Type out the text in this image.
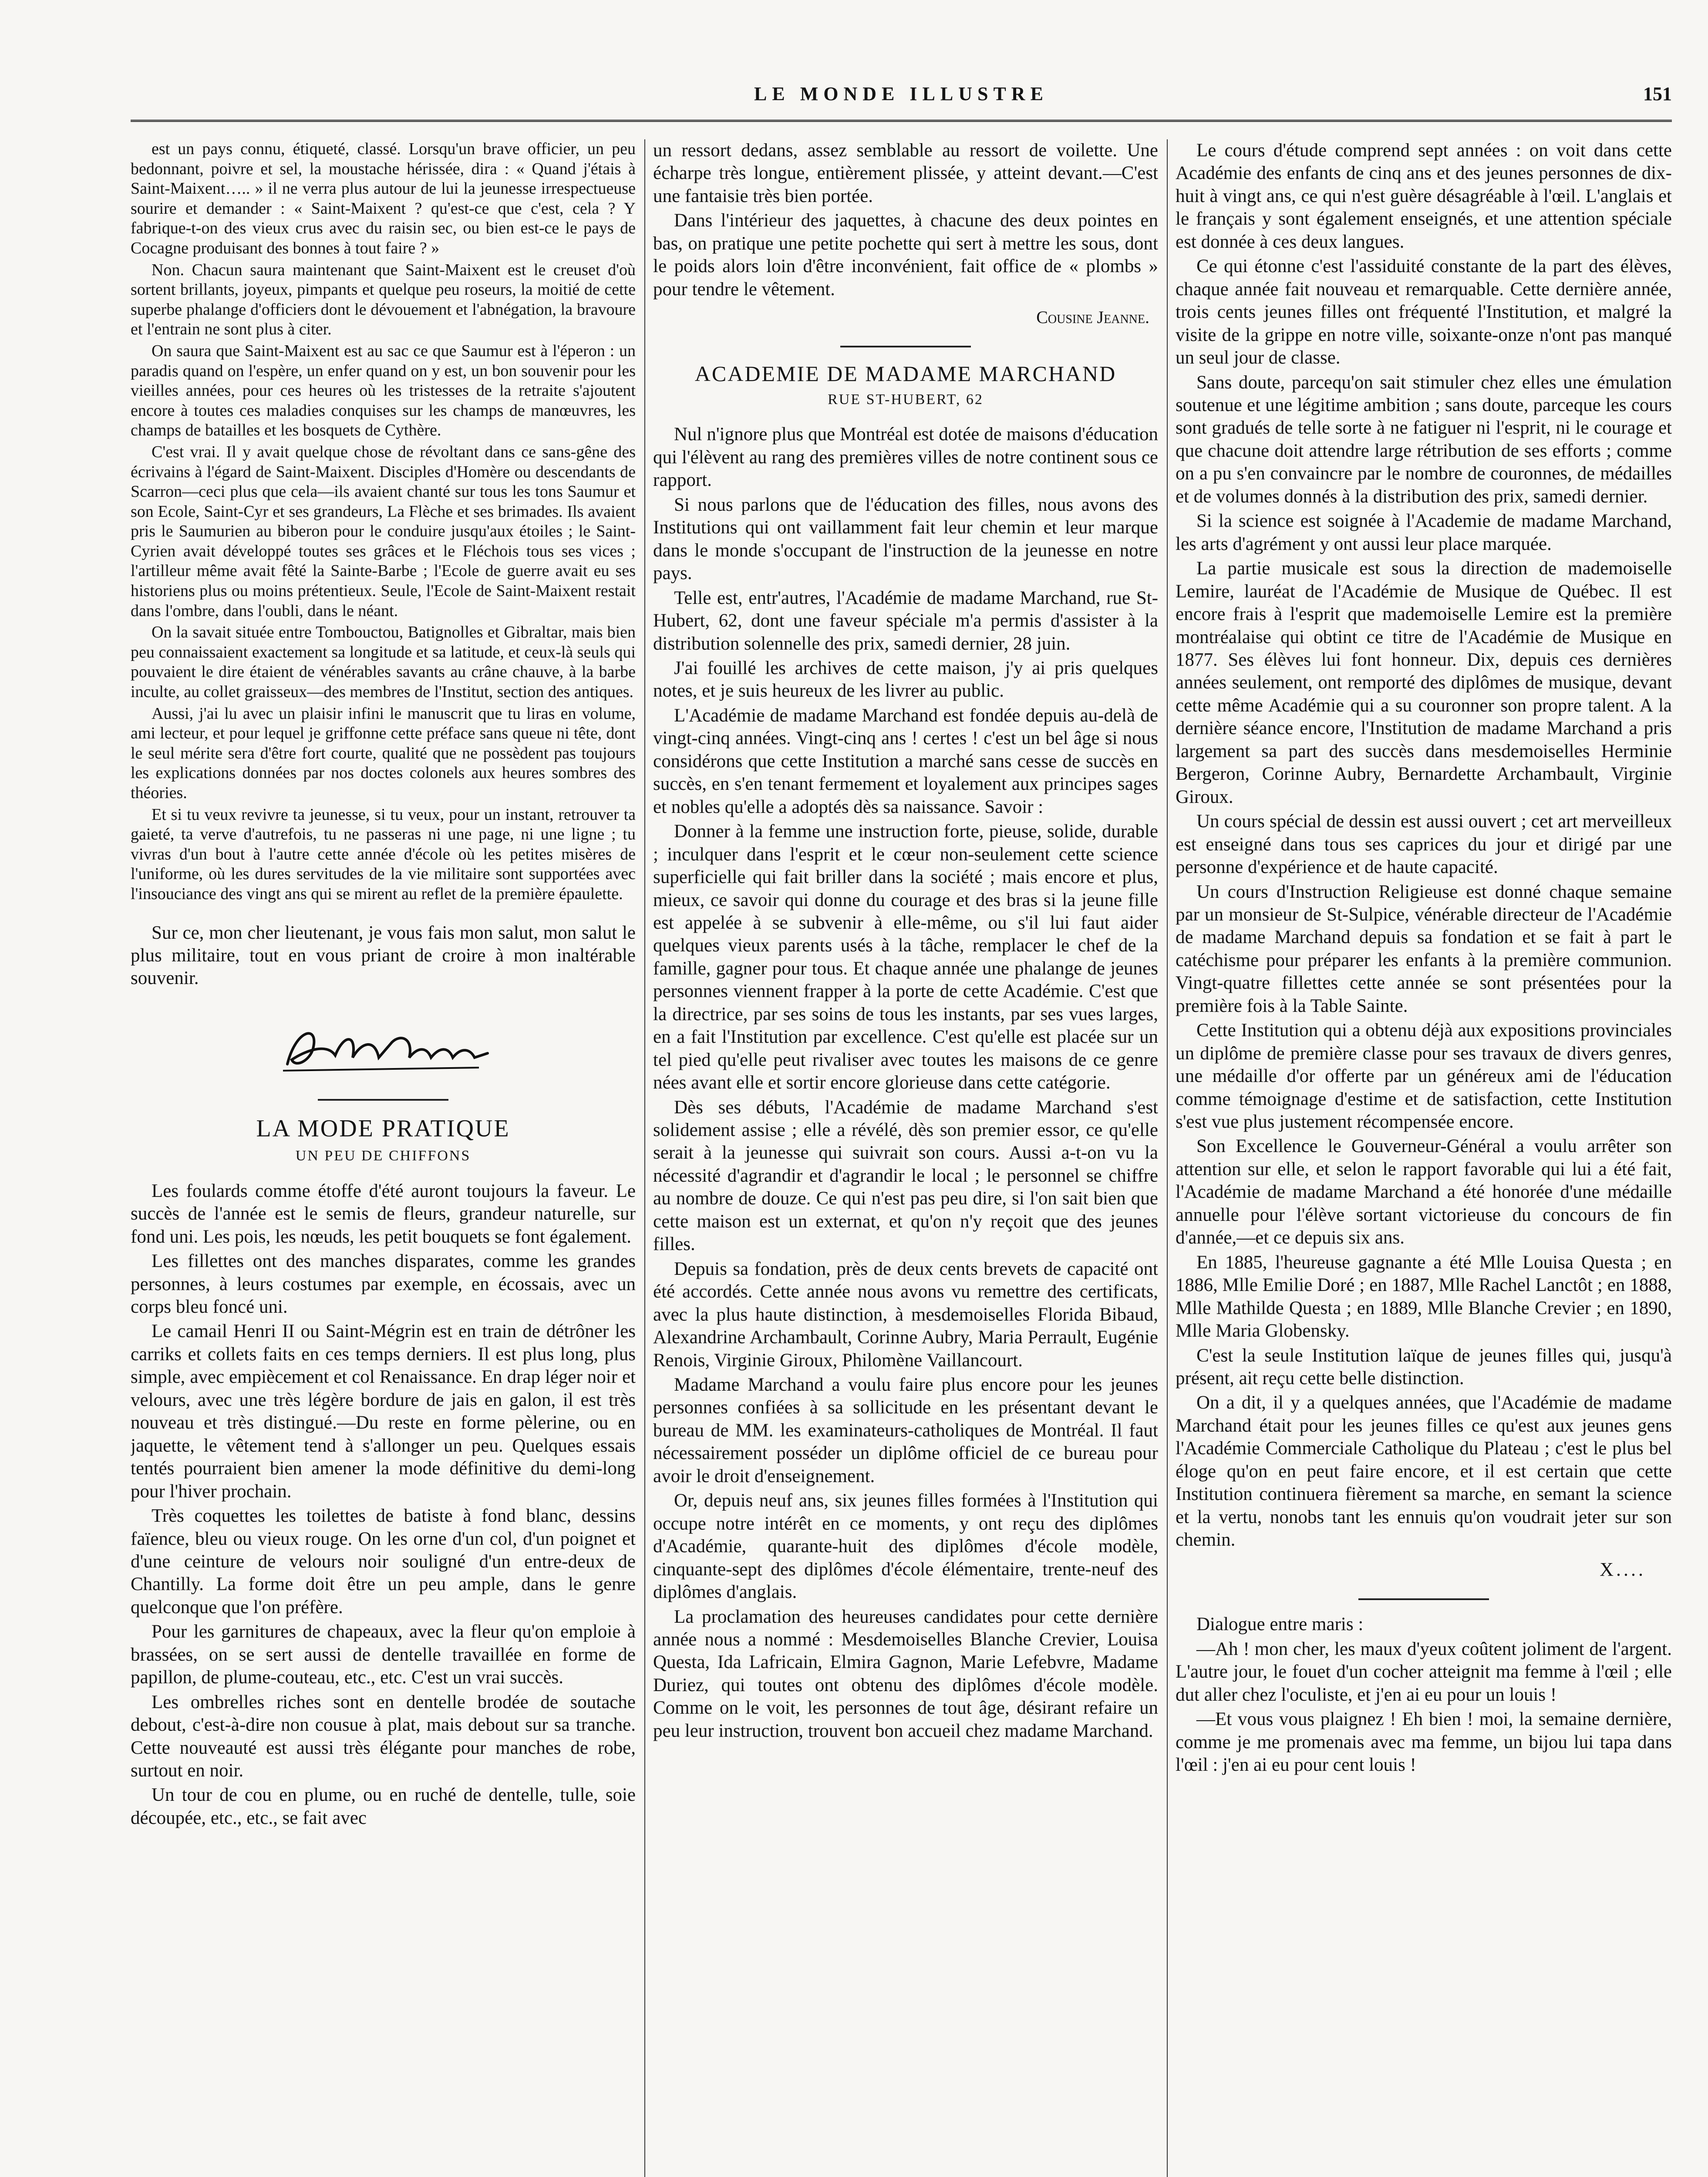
LE MONDE ILLUSTRE	151

est un pays connu, étiqueté, classé. Lorsqu'un brave officier, un peu bedonnant, poivre et sel, la moustache hérissée, dira : « Quand j'étais à Saint-Maixent….. » il ne verra plus autour de lui la jeunesse irrespectueuse sourire et demander : « Saint-Maixent ? qu'est-ce que c'est, cela ? Y fabrique-t-on des vieux crus avec du raisin sec, ou bien est-ce le pays de Cocagne produisant des bonnes à tout faire ? »

Non. Chacun saura maintenant que Saint-Maixent est le creuset d'où sortent brillants, joyeux, pimpants et quelque peu roseurs, la moitié de cette superbe phalange d'officiers dont le dévouement et l'abnégation, la bravoure et l'entrain ne sont plus à citer.

On saura que Saint-Maixent est au sac ce que Saumur est à l'éperon : un paradis quand on l'espère, un enfer quand on y est, un bon souvenir pour les vieilles années, pour ces heures où les tristesses de la retraite s'ajoutent encore à toutes ces maladies conquises sur les champs de manœuvres, les champs de batailles et les bosquets de Cythère.

C'est vrai. Il y avait quelque chose de révoltant dans ce sans-gêne des écrivains à l'égard de Saint-Maixent. Disciples d'Homère ou descendants de Scarron—ceci plus que cela—ils avaient chanté sur tous les tons Saumur et son Ecole, Saint-Cyr et ses grandeurs, La Flèche et ses brimades. Ils avaient pris le Saumurien au biberon pour le conduire jusqu'aux étoiles ; le Saint-Cyrien avait développé toutes ses grâces et le Fléchois tous ses vices ; l'artilleur même avait fêté la Sainte-Barbe ; l'Ecole de guerre avait eu ses historiens plus ou moins prétentieux. Seule, l'Ecole de Saint-Maixent restait dans l'ombre, dans l'oubli, dans le néant.

On la savait située entre Tombouctou, Batignolles et Gibraltar, mais bien peu connaissaient exactement sa longitude et sa latitude, et ceux-là seuls qui pouvaient le dire étaient de vénérables savants au crâne chauve, à la barbe inculte, au collet graisseux—des membres de l'Institut, section des antiques.

Aussi, j'ai lu avec un plaisir infini le manuscrit que tu liras en volume, ami lecteur, et pour lequel je griffonne cette préface sans queue ni tête, dont le seul mérite sera d'être fort courte, qualité que ne possèdent pas toujours les explications données par nos doctes colonels aux heures sombres des théories.

Et si tu veux revivre ta jeunesse, si tu veux, pour un instant, retrouver ta gaieté, ta verve d'autrefois, tu ne passeras ni une page, ni une ligne ; tu vivras d'un bout à l'autre cette année d'école où les petites misères de l'uniforme, où les dures servitudes de la vie militaire sont supportées avec l'insouciance des vingt ans qui se mirent au reflet de la première épaulette.

Sur ce, mon cher lieutenant, je vous fais mon salut, mon salut le plus militaire, tout en vous priant de croire à mon inaltérable souvenir.

LA MODE PRATIQUE
UN PEU DE CHIFFONS

Les foulards comme étoffe d'été auront toujours la faveur. Le succès de l'année est le semis de fleurs, grandeur naturelle, sur fond uni. Les pois, les nœuds, les petit bouquets se font également.

Les fillettes ont des manches disparates, comme les grandes personnes, à leurs costumes par exemple, en écossais, avec un corps bleu foncé uni.

Le camail Henri II ou Saint-Mégrin est en train de détrôner les carriks et collets faits en ces temps derniers. Il est plus long, plus simple, avec empiècement et col Renaissance. En drap léger noir et velours, avec une très légère bordure de jais en galon, il est très nouveau et très distingué.—Du reste en forme pèlerine, ou en jaquette, le vêtement tend à s'allonger un peu. Quelques essais tentés pourraient bien amener la mode définitive du demi-long pour l'hiver prochain.

Très coquettes les toilettes de batiste à fond blanc, dessins faïence, bleu ou vieux rouge. On les orne d'un col, d'un poignet et d'une ceinture de velours noir souligné d'un entre-deux de Chantilly. La forme doit être un peu ample, dans le genre quelconque que l'on préfère.

Pour les garnitures de chapeaux, avec la fleur qu'on emploie à brassées, on se sert aussi de dentelle travaillée en forme de papillon, de plume-couteau, etc., etc. C'est un vrai succès.

Les ombrelles riches sont en dentelle brodée de soutache debout, c'est-à-dire non cousue à plat, mais debout sur sa tranche. Cette nouveauté est aussi très élégante pour manches de robe, surtout en noir.

Un tour de cou en plume, ou en ruché de dentelle, tulle, soie découpée, etc., etc., se fait avec

un ressort dedans, assez semblable au ressort de voilette. Une écharpe très longue, entièrement plissée, y atteint devant.—C'est une fantaisie très bien portée.

Dans l'intérieur des jaquettes, à chacune des deux pointes en bas, on pratique une petite pochette qui sert à mettre les sous, dont le poids alors loin d'être inconvénient, fait office de « plombs » pour tendre le vêtement.

Cousine Jeanne.
ACADEMIE DE MADAME MARCHAND
RUE ST-HUBERT, 62

Nul n'ignore plus que Montréal est dotée de maisons d'éducation qui l'élèvent au rang des premières villes de notre continent sous ce rapport.

Si nous parlons que de l'éducation des filles, nous avons des Institutions qui ont vaillamment fait leur chemin et leur marque dans le monde s'occupant de l'instruction de la jeunesse en notre pays.

Telle est, entr'autres, l'Académie de madame Marchand, rue St-Hubert, 62, dont une faveur spéciale m'a permis d'assister à la distribution solennelle des prix, samedi dernier, 28 juin.

J'ai fouillé les archives de cette maison, j'y ai pris quelques notes, et je suis heureux de les livrer au public.

L'Académie de madame Marchand est fondée depuis au-delà de vingt-cinq années. Vingt-cinq ans ! certes ! c'est un bel âge si nous considérons que cette Institution a marché sans cesse de succès en succès, en s'en tenant fermement et loyalement aux principes sages et nobles qu'elle a adoptés dès sa naissance. Savoir :

Donner à la femme une instruction forte, pieuse, solide, durable ; inculquer dans l'esprit et le cœur non-seulement cette science superficielle qui fait briller dans la société ; mais encore et plus, mieux, ce savoir qui donne du courage et des bras si la jeune fille est appelée à se subvenir à elle-même, ou s'il lui faut aider quelques vieux parents usés à la tâche, remplacer le chef de la famille, gagner pour tous. Et chaque année une phalange de jeunes personnes viennent frapper à la porte de cette Académie. C'est que la directrice, par ses soins de tous les instants, par ses vues larges, en a fait l'Institution par excellence. C'est qu'elle est placée sur un tel pied qu'elle peut rivaliser avec toutes les maisons de ce genre nées avant elle et sortir encore glorieuse dans cette catégorie.

Dès ses débuts, l'Académie de madame Marchand s'est solidement assise ; elle a révélé, dès son premier essor, ce qu'elle serait à la jeunesse qui suivrait son cours. Aussi a-t-on vu la nécessité d'agrandir et d'agrandir le local ; le personnel se chiffre au nombre de douze. Ce qui n'est pas peu dire, si l'on sait bien que cette maison est un externat, et qu'on n'y reçoit que des jeunes filles.

Depuis sa fondation, près de deux cents brevets de capacité ont été accordés. Cette année nous avons vu remettre des certificats, avec la plus haute distinction, à mesdemoiselles Florida Bibaud, Alexandrine Archambault, Corinne Aubry, Maria Perrault, Eugénie Renois, Virginie Giroux, Philomène Vaillancourt.

Madame Marchand a voulu faire plus encore pour les jeunes personnes confiées à sa sollicitude en les présentant devant le bureau de MM. les examinateurs-catholiques de Montréal. Il faut nécessairement posséder un diplôme officiel de ce bureau pour avoir le droit d'enseignement.

Or, depuis neuf ans, six jeunes filles formées à l'Institution qui occupe notre intérêt en ce moments, y ont reçu des diplômes d'Académie, quarante-huit des diplômes d'école modèle, cinquante-sept des diplômes d'école élémentaire, trente-neuf des diplômes d'anglais.

La proclamation des heureuses candidates pour cette dernière année nous a nommé : Mesdemoiselles Blanche Crevier, Louisa Questa, Ida Lafricain, Elmira Gagnon, Marie Lefebvre, Madame Duriez, qui toutes ont obtenu des diplômes d'école modèle. Comme on le voit, les personnes de tout âge, désirant refaire un peu leur instruction, trouvent bon accueil chez madame Marchand.

Le cours d'étude comprend sept années : on voit dans cette Académie des enfants de cinq ans et des jeunes personnes de dix-huit à vingt ans, ce qui n'est guère désagréable à l'œil. L'anglais et le français y sont également enseignés, et une attention spéciale est donnée à ces deux langues.

Ce qui étonne c'est l'assiduité constante de la part des élèves, chaque année fait nouveau et remarquable. Cette dernière année, trois cents jeunes filles ont fréquenté l'Institution, et malgré la visite de la grippe en notre ville, soixante-onze n'ont pas manqué un seul jour de classe.

Sans doute, parcequ'on sait stimuler chez elles une émulation soutenue et une légitime ambition ; sans doute, parceque les cours sont gradués de telle sorte à ne fatiguer ni l'esprit, ni le courage et que chacune doit attendre large rétribution de ses efforts ; comme on a pu s'en convaincre par le nombre de couronnes, de médailles et de volumes donnés à la distribution des prix, samedi dernier.

Si la science est soignée à l'Academie de madame Marchand, les arts d'agrément y ont aussi leur place marquée.

La partie musicale est sous la direction de mademoiselle Lemire, lauréat de l'Académie de Musique de Québec. Il est encore frais à l'esprit que mademoiselle Lemire est la première montréalaise qui obtint ce titre de l'Académie de Musique en 1877. Ses élèves lui font honneur. Dix, depuis ces dernières années seulement, ont remporté des diplômes de musique, devant cette même Académie qui a su couronner son propre talent. A la dernière séance encore, l'Institution de madame Marchand a pris largement sa part des succès dans mesdemoiselles Herminie Bergeron, Corinne Aubry, Bernardette Archambault, Virginie Giroux.

Un cours spécial de dessin est aussi ouvert ; cet art merveilleux est enseigné dans tous ses caprices du jour et dirigé par une personne d'expérience et de haute capacité.

Un cours d'Instruction Religieuse est donné chaque semaine par un monsieur de St-Sulpice, vénérable directeur de l'Académie de madame Marchand depuis sa fondation et se fait à part le catéchisme pour préparer les enfants à la première communion. Vingt-quatre fillettes cette année se sont présentées pour la première fois à la Table Sainte.

Cette Institution qui a obtenu déjà aux expositions provinciales un diplôme de première classe pour ses travaux de divers genres, une médaille d'or offerte par un généreux ami de l'éducation comme témoignage d'estime et de satisfaction, cette Institution s'est vue plus justement récompensée encore.

Son Excellence le Gouverneur-Général a voulu arrêter son attention sur elle, et selon le rapport favorable qui lui a été fait, l'Académie de madame Marchand a été honorée d'une médaille annuelle pour l'élève sortant victorieuse du concours de fin d'année,—et ce depuis six ans.

En 1885, l'heureuse gagnante a été Mlle Louisa Questa ; en 1886, Mlle Emilie Doré ; en 1887, Mlle Rachel Lanctôt ; en 1888, Mlle Mathilde Questa ; en 1889, Mlle Blanche Crevier ; en 1890, Mlle Maria Globensky.

C'est la seule Institution laïque de jeunes filles qui, jusqu'à présent, ait reçu cette belle distinction.

On a dit, il y a quelques années, que l'Académie de madame Marchand était pour les jeunes filles ce qu'est aux jeunes gens l'Académie Commerciale Catholique du Plateau ; c'est le plus bel éloge qu'on en peut faire encore, et il est certain que cette Institution continuera fièrement sa marche, en semant la science et la vertu, nonobs tant les ennuis qu'on voudrait jeter sur son chemin.

X....

Dialogue entre maris :

—Ah ! mon cher, les maux d'yeux coûtent joliment de l'argent. L'autre jour, le fouet d'un cocher atteignit ma femme à l'œil ; elle dut aller chez l'oculiste, et j'en ai eu pour un louis !

—Et vous vous plaignez ! Eh bien ! moi, la semaine dernière, comme je me promenais avec ma femme, un bijou lui tapa dans l'œil : j'en ai eu pour cent louis !
